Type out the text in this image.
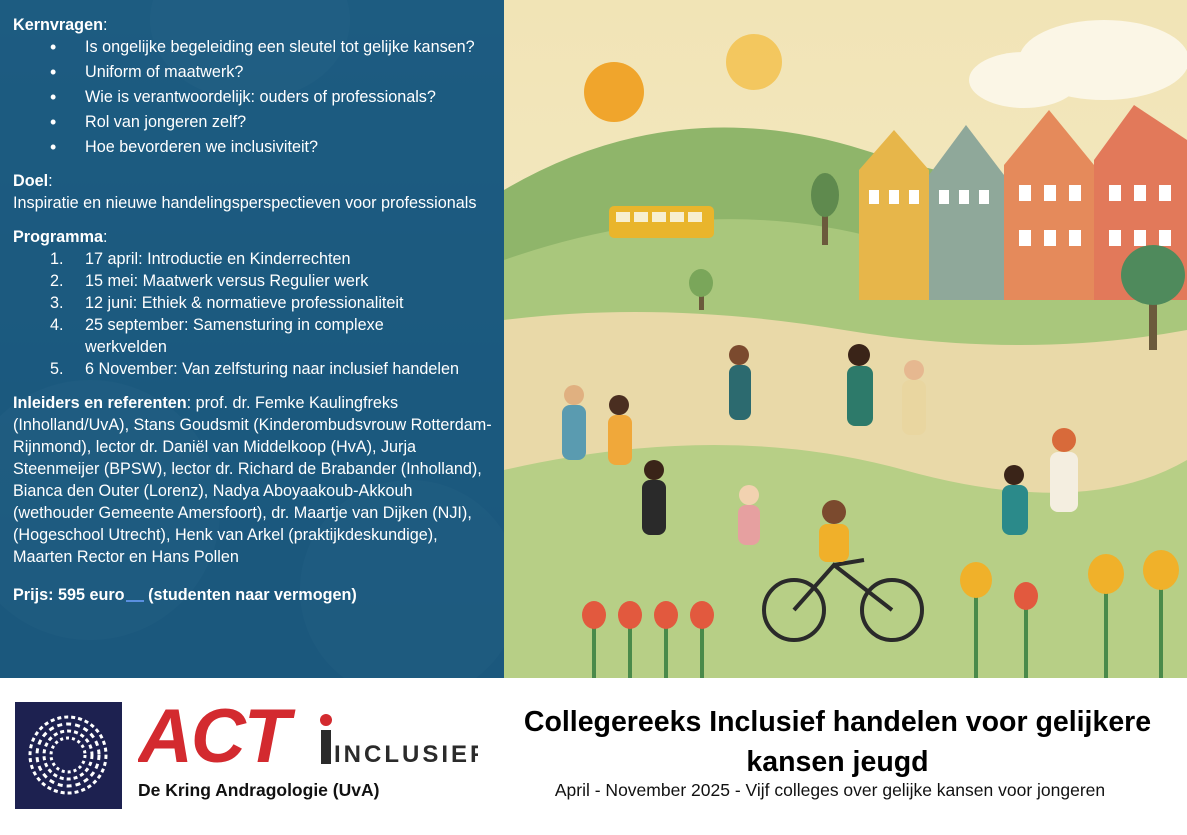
Kernvragen:
• Is ongelijke begeleiding een sleutel tot gelijke kansen?
• Uniform of maatwerk?
• Wie is verantwoordelijk: ouders of professionals?
• Rol van jongeren zelf?
• Hoe bevorderen we inclusiviteit?
Doel:
Inspiratie en nieuwe handelingsperspectieven voor professionals
Programma:
1. 17 april: Introductie en Kinderrechten
2. 15 mei: Maatwerk versus Regulier werk
3. 12 juni: Ethiek & normatieve professionaliteit
4. 25 september: Samensturing in complexe werkvelden
5. 6 November: Van zelfsturing naar inclusief handelen
Inleiders en referenten: prof. dr. Femke Kaulingfreks (Inholland/UvA), Stans Goudsmit (Kinderombudsvrouw Rotterdam-Rijnmond), lector dr. Daniël van Middelkoop (HvA), Jurja Steenmeijer (BPSW), lector dr. Richard de Brabander (Inholland), Bianca den Outer (Lorenz), Nadya Aboyaakoub-Akkouh (wethouder Gemeente Amersfoort), dr. Maartje van Dijken (NJI), (Hogeschool Utrecht), Henk van Arkel (praktijkdeskundige), Maarten Rector en Hans Pollen
Prijs: 595 euro (studenten naar vermogen)
ACT	INCLUSIEF
De Kring Andragologie (UvA)
Collegereeks Inclusief handelen voor gelijkere kansen jeugd
April - November 2025 - Vijf colleges over gelijke kansen voor jongeren
